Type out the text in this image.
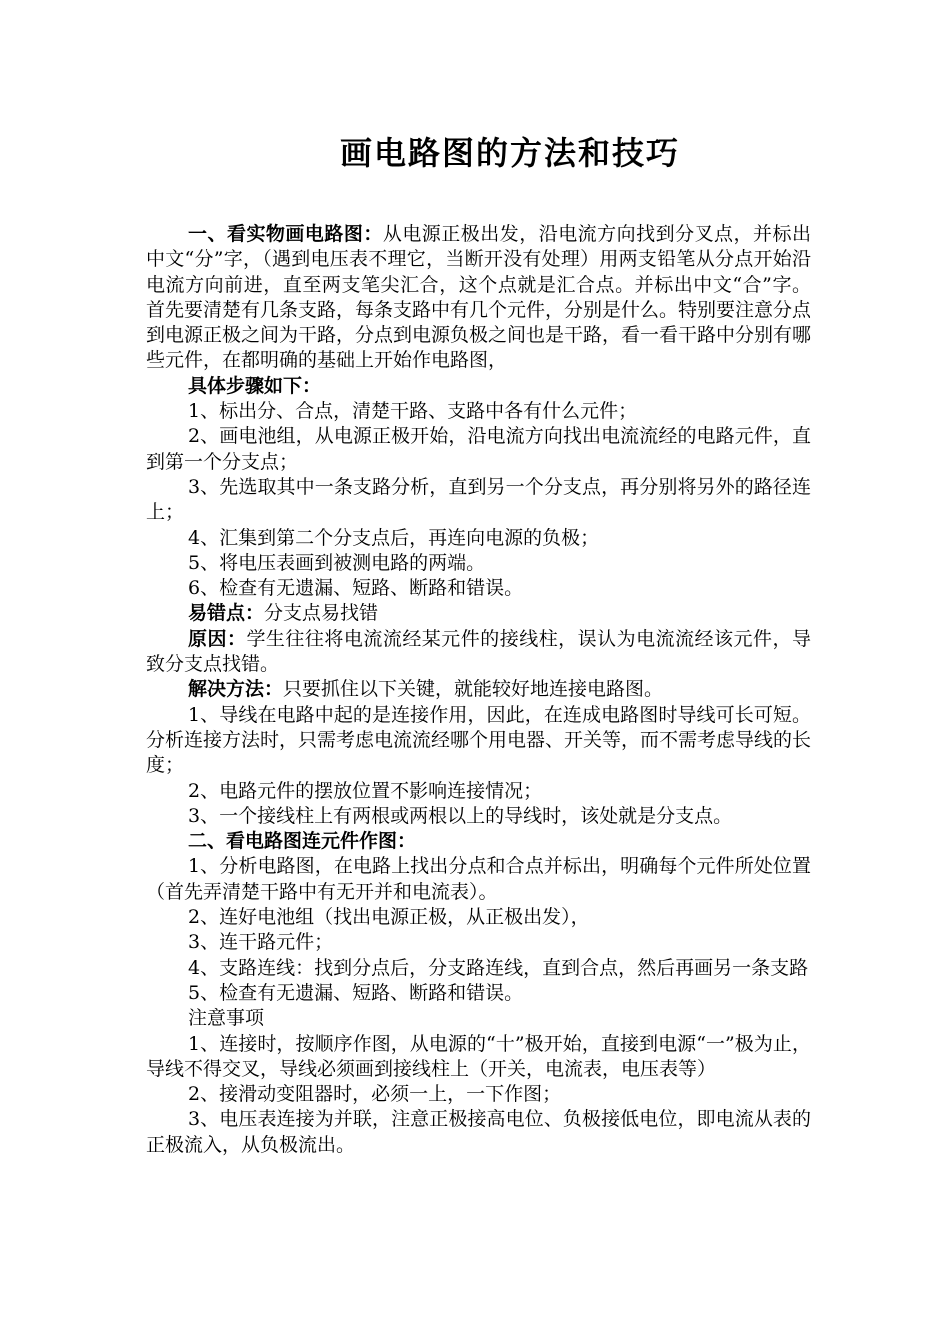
画电路图的方法和技巧

一、看实物画电路图：从电源正极出发，沿电流方向找到分叉点，并标出中文“分”字，（遇到电压表不理它，当断开没有处理）用两支铅笔从分点开始沿电流方向前进，直至两支笔尖汇合，这个点就是汇合点。并标出中文“合”字。首先要清楚有几条支路，每条支路中有几个元件，分别是什么。特别要注意分点到电源正极之间为干路，分点到电源负极之间也是干路，看一看干路中分别有哪些元件，在都明确的基础上开始作电路图，

具体步骤如下：

1、标出分、合点，清楚干路、支路中各有什么元件；

2、画电池组，从电源正极开始，沿电流方向找出电流流经的电路元件，直到第一个分支点；

3、先选取其中一条支路分析，直到另一个分支点，再分别将另外的路径连上；

4、汇集到第二个分支点后，再连向电源的负极；

5、将电压表画到被测电路的两端。

6、检查有无遗漏、短路、断路和错误。

易错点：分支点易找错

原因：学生往往将电流流经某元件的接线柱，误认为电流流经该元件，导致分支点找错。

解决方法：只要抓住以下关键，就能较好地连接电路图。

1、导线在电路中起的是连接作用，因此，在连成电路图时导线可长可短。分析连接方法时，只需考虑电流流经哪个用电器、开关等，而不需考虑导线的长度；

2、电路元件的摆放位置不影响连接情况；

3、一个接线柱上有两根或两根以上的导线时，该处就是分支点。

二、看电路图连元件作图：

1、分析电路图，在电路上找出分点和合点并标出，明确每个元件所处位置（首先弄清楚干路中有无开并和电流表）。

2、连好电池组（找出电源正极，从正极出发），

3、连干路元件；

4、支路连线：找到分点后，分支路连线，直到合点，然后再画另一条支路

5、检查有无遗漏、短路、断路和错误。

注意事项

1、连接时，按顺序作图，从电源的“十”极开始，直接到电源“一”极为止，导线不得交叉，导线必须画到接线柱上（开关，电流表，电压表等）

2、接滑动变阻器时，必须一上，一下作图；

3、电压表连接为并联，注意正极接高电位、负极接低电位，即电流从表的正极流入，从负极流出。
